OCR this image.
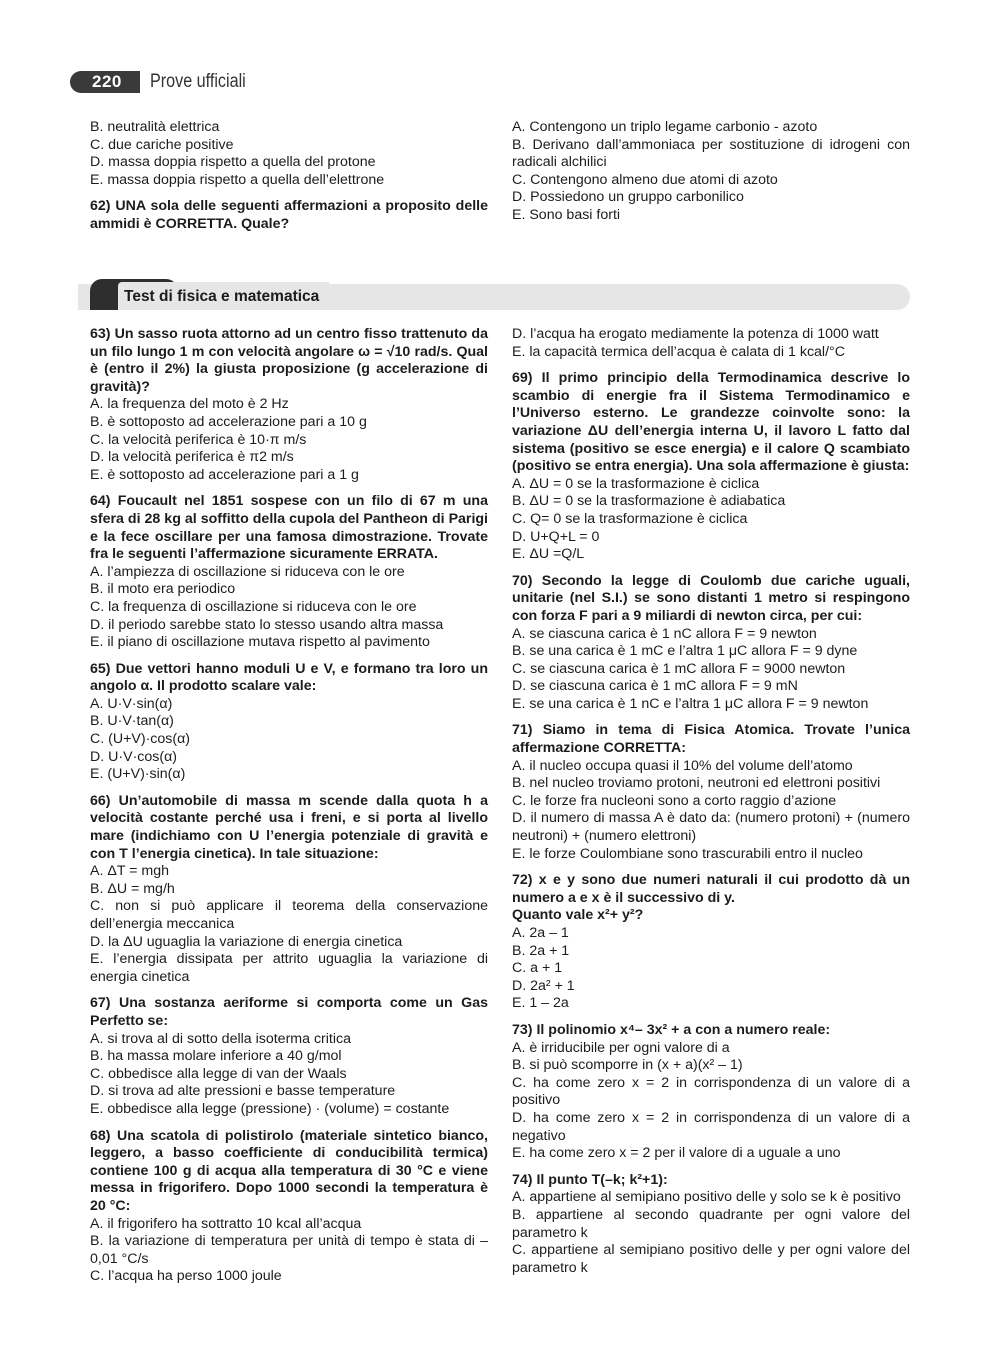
220	Prove ufficiali

B. neutralità elettrica

C. due cariche positive

D. massa doppia rispetto a quella del protone

E. massa doppia rispetto a quella dell’elettrone

62) UNA sola delle seguenti affermazioni a proposito delle ammidi è CORRETTA. Quale?

A. Contengono un triplo legame carbonio - azoto

B. Derivano dall’ammoniaca per sostituzione di idrogeni con radicali alchilici

C. Contengono almeno due atomi di azoto

D. Possiedono un gruppo carbonilico

E. Sono basi forti

Test di fisica e matematica

63) Un sasso ruota attorno ad un centro fisso trattenuto da un filo lungo 1 m con velocità angolare ω = √10 rad/s. Qual è (entro il 2%) la giusta proposizione (g accelerazione di gravità)?

A. la frequenza del moto è 2 Hz

B. è sottoposto ad accelerazione pari a 10 g

C. la velocità periferica è 10·π m/s

D. la velocità periferica è π2 m/s

E. è sottoposto ad accelerazione pari a 1 g

64) Foucault nel 1851 sospese con un filo di 67 m una sfera di 28 kg al soffitto della cupola del Pantheon di Parigi e la fece oscillare per una famosa dimostrazione. Trovate fra le seguenti l’affermazione sicuramente ERRATA.

A. l’ampiezza di oscillazione si riduceva con le ore

B. il moto era periodico

C. la frequenza di oscillazione si riduceva con le ore

D. il periodo sarebbe stato lo stesso usando altra massa

E. il piano di oscillazione mutava rispetto al pavimento

65) Due vettori hanno moduli U e V, e formano tra loro un angolo α. Il prodotto scalare vale:

A. U·V·sin(α)

B. U·V·tan(α)

C. (U+V)·cos(α)

D. U·V·cos(α)

E. (U+V)·sin(α)

66) Un’automobile di massa m scende dalla quota h a velocità costante perché usa i freni, e si porta al livello mare (indichiamo con U l’energia potenziale di gravità e con T l’energia cinetica). In tale situazione:

A. ΔT = mgh

B. ΔU = mg/h

C. non si può applicare il teorema della conservazione dell’energia meccanica

D. la ΔU uguaglia la variazione di energia cinetica

E. l’energia dissipata per attrito uguaglia la variazione di energia cinetica

67) Una sostanza aeriforme si comporta come un Gas Perfetto se:

A. si trova al di sotto della isoterma critica

B. ha massa molare inferiore a 40 g/mol

C. obbedisce alla legge di van der Waals

D. si trova ad alte pressioni e basse temperature

E. obbedisce alla legge (pressione) · (volume) = costante

68) Una scatola di polistirolo (materiale sintetico bianco, leggero, a basso coefficiente di conducibilità termica) contiene 100 g di acqua alla temperatura di 30 °C e viene messa in frigorifero. Dopo 1000 secondi la temperatura è 20 °C:

A. il frigorifero ha sottratto 10 kcal all’acqua

B. la variazione di temperatura per unità di tempo è stata di –0,01 °C/s

C. l’acqua ha perso 1000 joule

D. l’acqua ha erogato mediamente la potenza di 1000 watt

E. la capacità termica dell’acqua è calata di 1 kcal/°C

69) Il primo principio della Termodinamica descrive lo scambio di energie fra il Sistema Termodinamico e l’Universo esterno. Le grandezze coinvolte sono: la variazione ΔU dell’energia interna U, il lavoro L fatto dal sistema (positivo se esce energia) e il calore Q scambiato (positivo se entra energia). Una sola affermazione è giusta:

A. ΔU = 0 se la trasformazione è ciclica

B. ΔU = 0 se la trasformazione è adiabatica

C. Q= 0 se la trasformazione è ciclica

D. U+Q+L = 0

E. ΔU =Q/L

70) Secondo la legge di Coulomb due cariche uguali, unitarie (nel S.I.) se sono distanti 1 metro si respingono con forza F pari a 9 miliardi di newton circa, per cui:

A. se ciascuna carica è 1 nC allora F = 9 newton

B. se una carica è 1 mC e l’altra 1 μC allora F = 9 dyne

C. se ciascuna carica è 1 mC allora F = 9000 newton

D. se ciascuna carica è 1 mC allora F = 9 mN

E. se una carica è 1 nC e l’altra 1 μC allora F = 9 newton

71) Siamo in tema di Fisica Atomica. Trovate l’unica affermazione CORRETTA:

A. il nucleo occupa quasi il 10% del volume dell’atomo

B. nel nucleo troviamo protoni, neutroni ed elettroni positivi

C. le forze fra nucleoni sono a corto raggio d’azione

D. il numero di massa A è dato da: (numero protoni) + (numero neutroni) + (numero elettroni)

E. le forze Coulombiane sono trascurabili entro il nucleo

72) x e y sono due numeri naturali il cui prodotto dà un numero a e x è il successivo di y.

Quanto vale x²+ y²?

A. 2a – 1

B. 2a + 1

C. a + 1

D. 2a² + 1

E. 1 – 2a

73) Il polinomio x⁴– 3x² + a con a numero reale:

A. è irriducibile per ogni valore di a

B. si può scomporre in (x + a)(x² – 1)

C. ha come zero x = 2 in corrispondenza di un valore di a positivo

D. ha come zero x = 2 in corrispondenza di un valore di a negativo

E. ha come zero x = 2 per il valore di a uguale a uno

74) Il punto T(–k; k²+1):

A. appartiene al semipiano positivo delle y solo se k è positivo

B. appartiene al secondo quadrante per ogni valore del parametro k

C. appartiene al semipiano positivo delle y per ogni valore del parametro k
